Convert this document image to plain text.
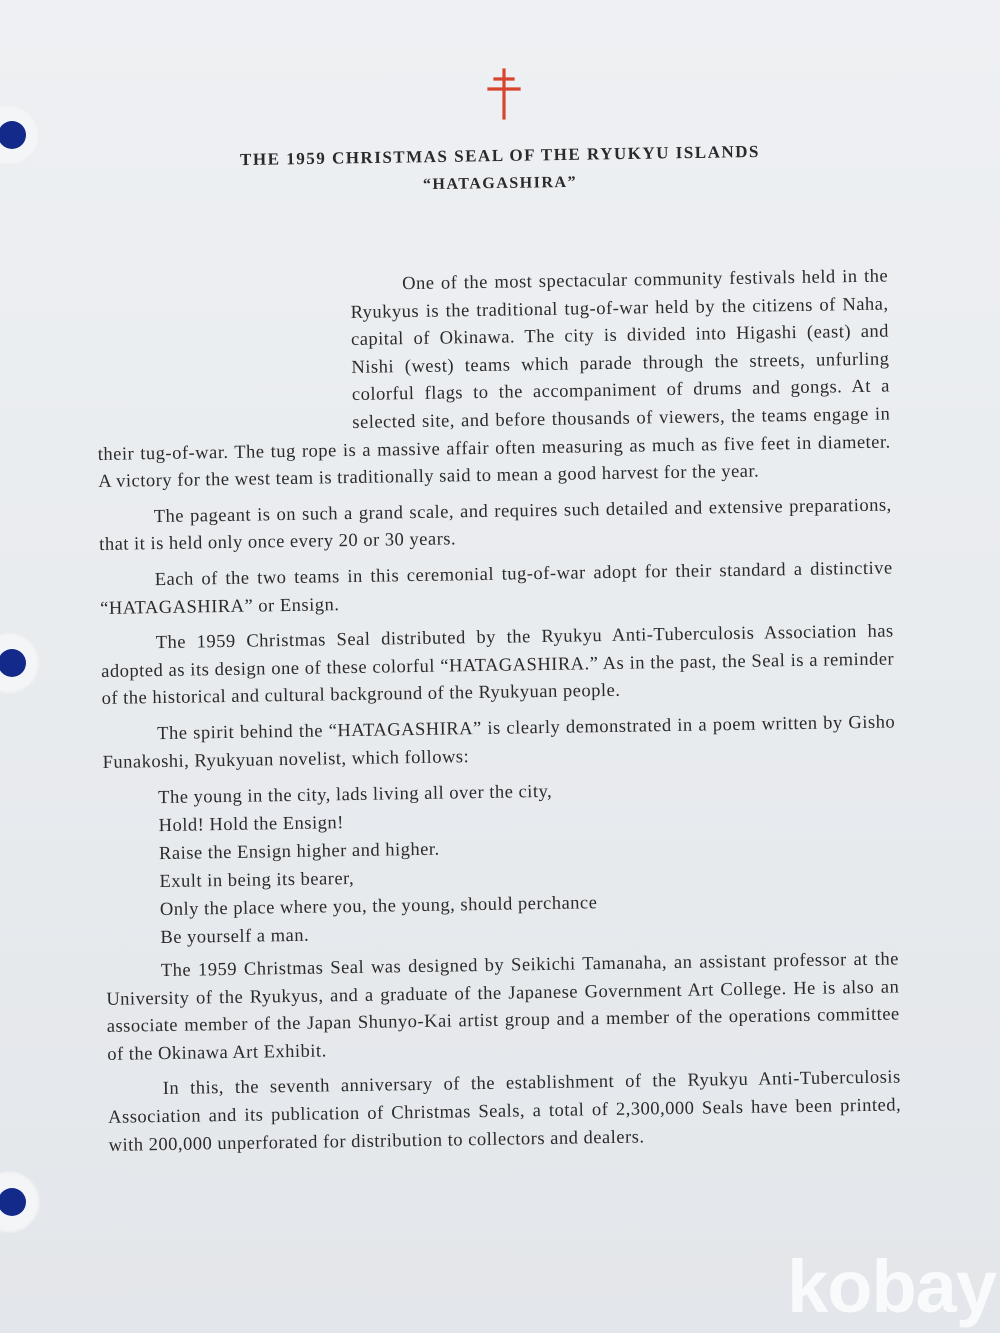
THE 1959 CHRISTMAS SEAL OF THE RYUKYU ISLANDS
“HATAGASHIRA”

One of the most spectacular community festivals held in the Ryukyus is the traditional tug-of-war held by the citizens of Naha, capital of Okinawa. The city is divided into Higashi (east) and Nishi (west) teams which parade through the streets, unfurling colorful flags to the accompaniment of drums and gongs. At a selected site, and before thousands of viewers, the teams engage in their tug-of-war. The tug rope is a massive affair often measuring as much as five feet in diameter. A victory for the west team is traditionally said to mean a good harvest for the year.

The pageant is on such a grand scale, and requires such detailed and extensive preparations, that it is held only once every 20 or 30 years.

Each of the two teams in this ceremonial tug-of-war adopt for their standard a distinctive “HATAGASHIRA” or Ensign.

The 1959 Christmas Seal distributed by the Ryukyu Anti-Tuberculosis Association has adopted as its design one of these colorful “HATAGASHIRA.” As in the past, the Seal is a reminder of the historical and cultural background of the Ryukyuan people.

The spirit behind the “HATAGASHIRA” is clearly demonstrated in a poem written by Gisho Funakoshi, Ryukyuan novelist, which follows:

The young in the city, lads living all over the city,
Hold! Hold the Ensign!
Raise the Ensign higher and higher.
Exult in being its bearer,
Only the place where you, the young, should perchance
Be yourself a man.

The 1959 Christmas Seal was designed by Seikichi Tamanaha, an assistant professor at the University of the Ryukyus, and a graduate of the Japanese Government Art College. He is also an associate member of the Japan Shunyo-Kai artist group and a member of the operations committee of the Okinawa Art Exhibit.

In this, the seventh anniversary of the establishment of the Ryukyu Anti-Tuberculosis Association and its publication of Christmas Seals, a total of 2,300,000 Seals have been printed, with 200,000 unperforated for distribution to collectors and dealers.

kobay
